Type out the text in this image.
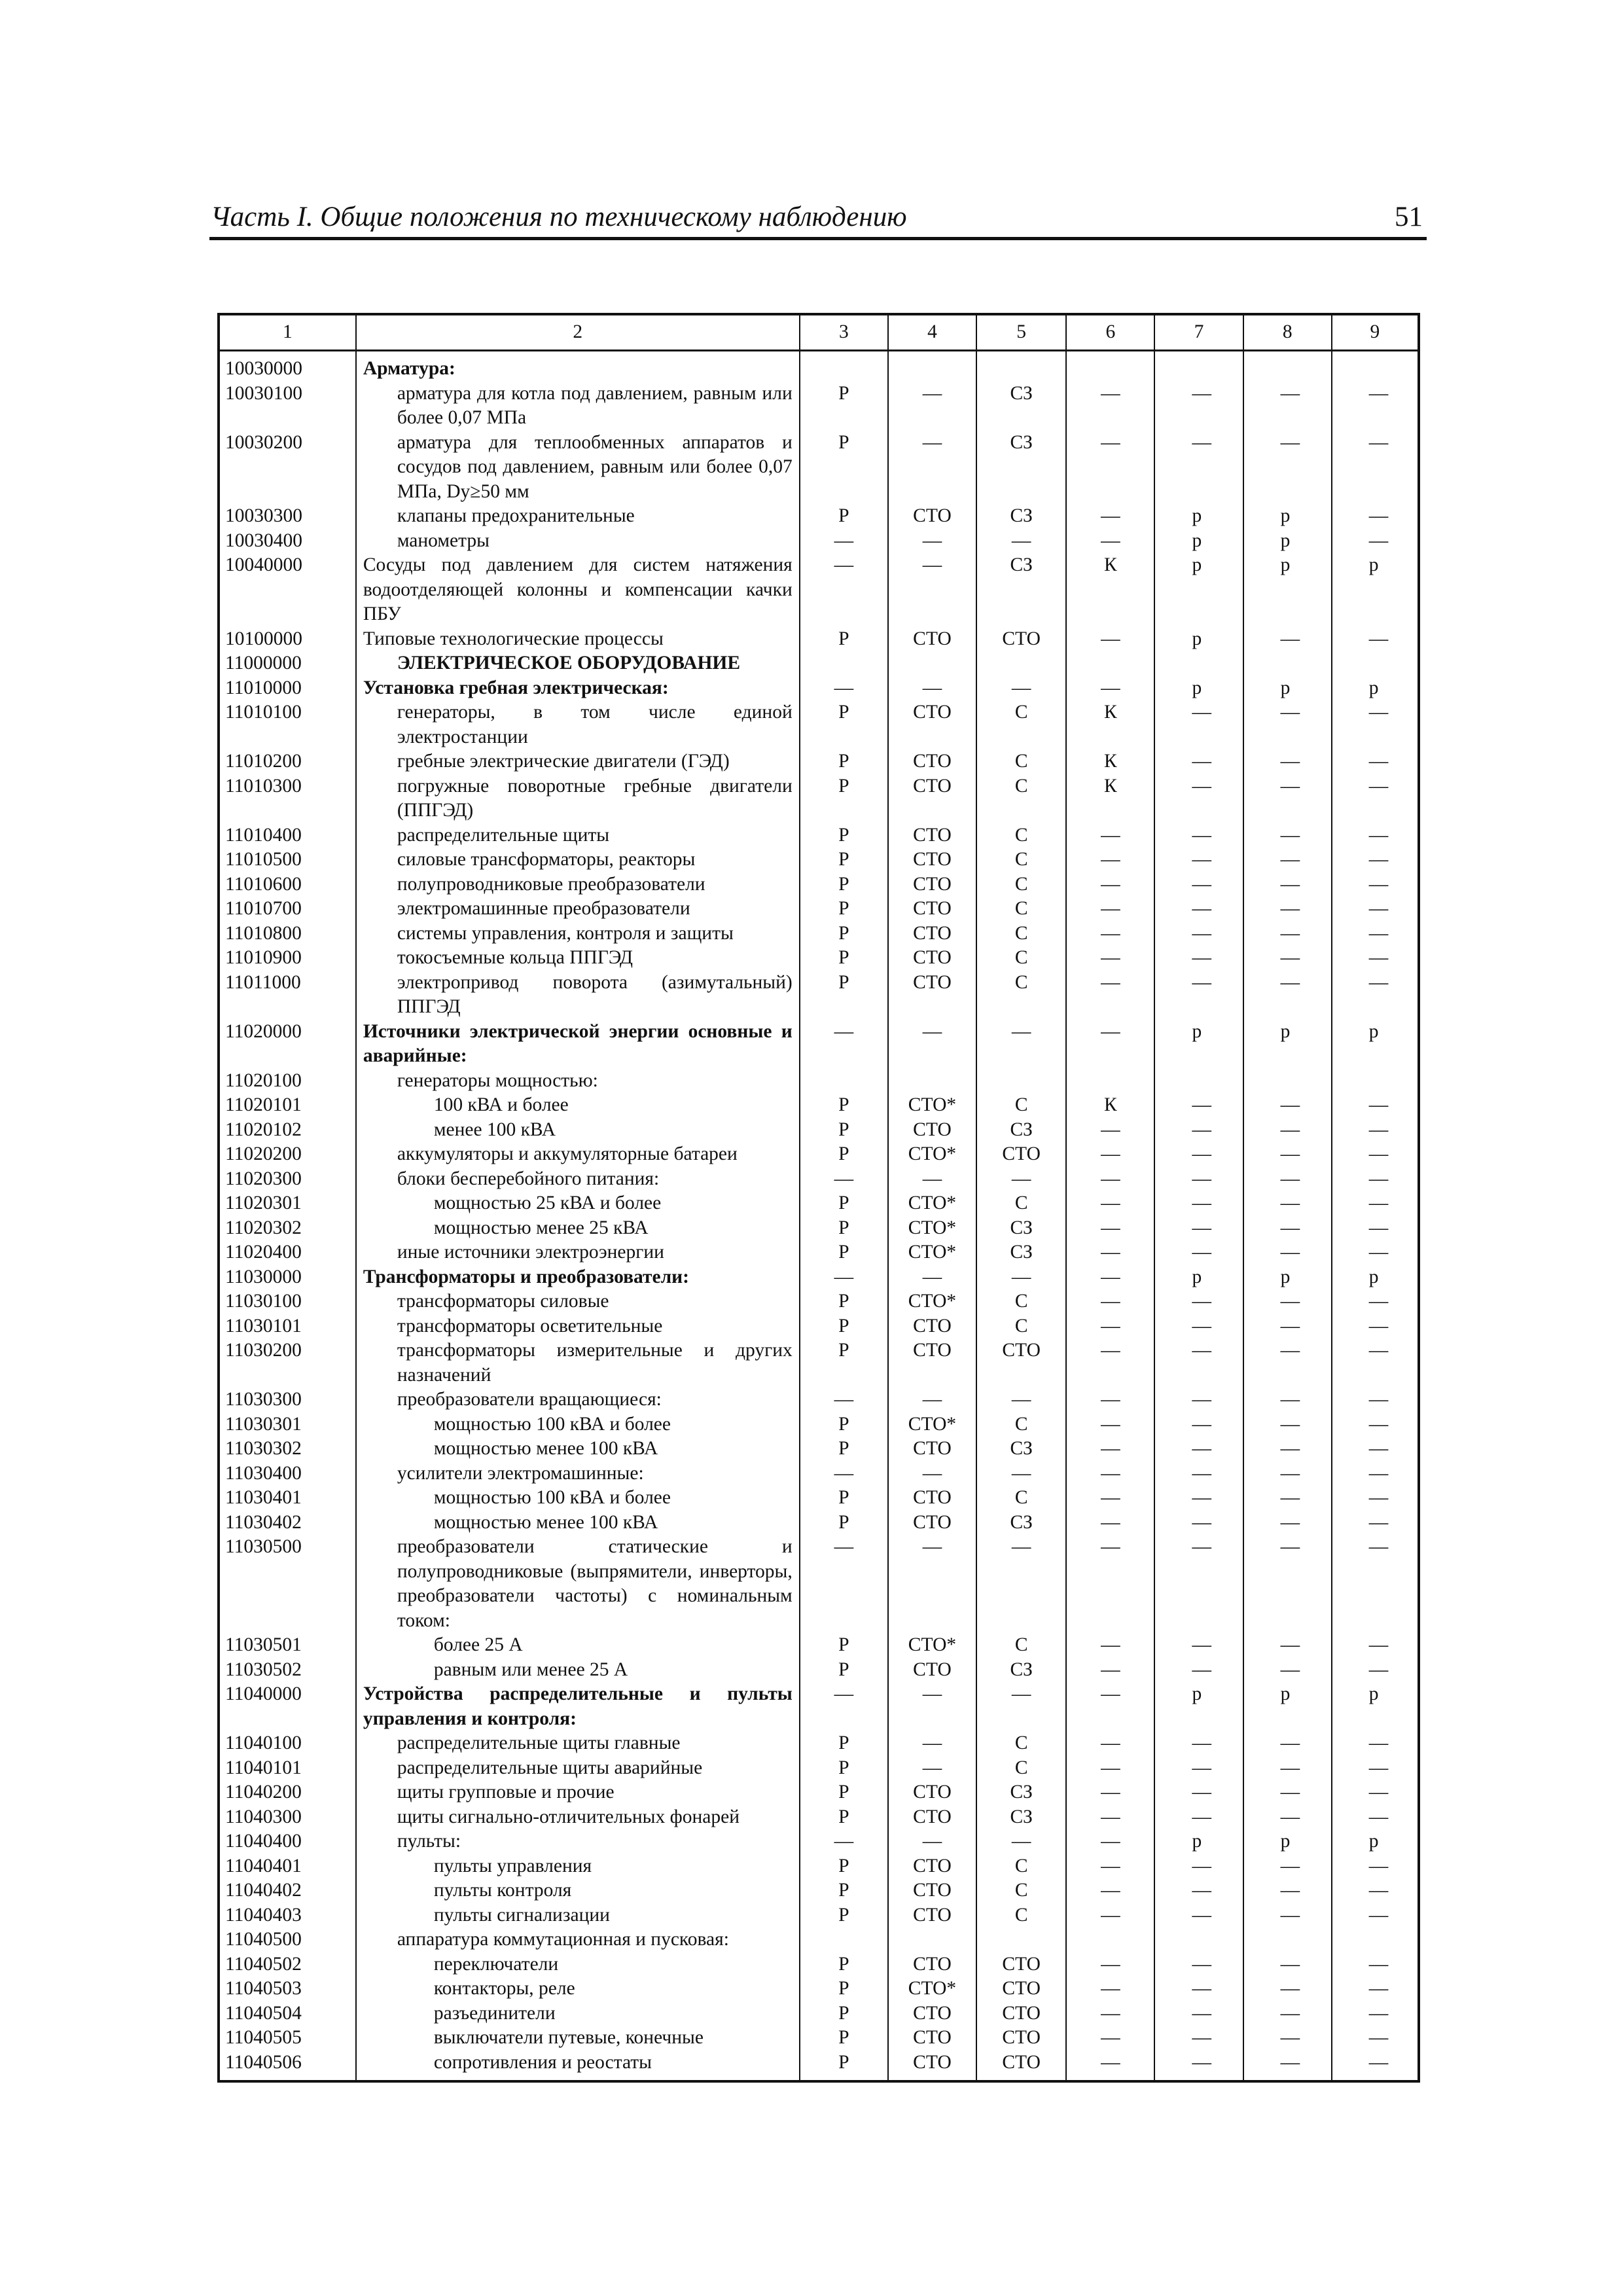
Часть I. Общие положения по техническому наблюдению	51
1	2	3	4	5	6	7	8	9
10030000	Арматура:							
10030100	арматура для котла под давлением, равным или более 0,07 МПа	Р	—	СЗ	—	—	—	—
10030200	арматура для теплообменных аппаратов и сосудов под давлением, равным или более 0,07 МПа, Dу≥50 мм	Р	—	СЗ	—	—	—	—
10030300	клапаны предохранительные	Р	СТО	СЗ	—	р	р	—
10030400	манометры	—	—	—	—	р	р	—
10040000	Сосуды под давлением для систем натяжения водоотделяющей колонны и компенсации качки ПБУ	—	—	СЗ	К	р	р	р
10100000	Типовые технологические процессы	Р	СТО	СТО	—	р	—	—
11000000	ЭЛЕКТРИЧЕСКОЕ ОБОРУДОВАНИЕ							
11010000	Установка гребная электрическая:	—	—	—	—	р	р	р
11010100	генераторы, в том числе единой электростанции	Р	СТО	С	К	—	—	—
11010200	гребные электрические двигатели (ГЭД)	Р	СТО	С	К	—	—	—
11010300	погружные поворотные гребные двигатели (ППГЭД)	Р	СТО	С	К	—	—	—
11010400	распределительные щиты	Р	СТО	С	—	—	—	—
11010500	силовые трансформаторы, реакторы	Р	СТО	С	—	—	—	—
11010600	полупроводниковые преобразователи	Р	СТО	С	—	—	—	—
11010700	электромашинные преобразователи	Р	СТО	С	—	—	—	—
11010800	системы управления, контроля и защиты	Р	СТО	С	—	—	—	—
11010900	токосъемные кольца ППГЭД	Р	СТО	С	—	—	—	—
11011000	электропривод поворота (азимутальный) ППГЭД	Р	СТО	С	—	—	—	—
11020000	Источники электрической энергии основные и аварийные:	—	—	—	—	р	р	р
11020100	генераторы мощностью:							
11020101	100 кВА и более	Р	СТО*	С	К	—	—	—
11020102	менее 100 кВА	Р	СТО	СЗ	—	—	—	—
11020200	аккумуляторы и аккумуляторные батареи	Р	СТО*	СТО	—	—	—	—
11020300	блоки бесперебойного питания:	—	—	—	—	—	—	—
11020301	мощностью 25 кВА и более	Р	СТО*	С	—	—	—	—
11020302	мощностью менее 25 кВА	Р	СТО*	СЗ	—	—	—	—
11020400	иные источники электроэнергии	Р	СТО*	СЗ	—	—	—	—
11030000	Трансформаторы и преобразователи:	—	—	—	—	р	р	р
11030100	трансформаторы силовые	Р	СТО*	С	—	—	—	—
11030101	трансформаторы осветительные	Р	СТО	С	—	—	—	—
11030200	трансформаторы измерительные и других назначений	Р	СТО	СТО	—	—	—	—
11030300	преобразователи вращающиеся:	—	—	—	—	—	—	—
11030301	мощностью 100 кВА и более	Р	СТО*	С	—	—	—	—
11030302	мощностью менее 100 кВА	Р	СТО	СЗ	—	—	—	—
11030400	усилители электромашинные:	—	—	—	—	—	—	—
11030401	мощностью 100 кВА и более	Р	СТО	С	—	—	—	—
11030402	мощностью менее 100 кВА	Р	СТО	СЗ	—	—	—	—
11030500	преобразователи статические и полупроводниковые (выпрямители, инверторы, преобразователи частоты) с номинальным током:	—	—	—	—	—	—	—
11030501	более 25 А	Р	СТО*	С	—	—	—	—
11030502	равным или менее 25 А	Р	СТО	СЗ	—	—	—	—
11040000	Устройства распределительные и пульты управления и контроля:	—	—	—	—	р	р	р
11040100	распределительные щиты главные	Р	—	С	—	—	—	—
11040101	распределительные щиты аварийные	Р	—	С	—	—	—	—
11040200	щиты групповые и прочие	Р	СТО	СЗ	—	—	—	—
11040300	щиты сигнально-отличительных фонарей	Р	СТО	СЗ	—	—	—	—
11040400	пульты:	—	—	—	—	р	р	р
11040401	пульты управления	Р	СТО	С	—	—	—	—
11040402	пульты контроля	Р	СТО	С	—	—	—	—
11040403	пульты сигнализации	Р	СТО	С	—	—	—	—
11040500	аппаратура коммутационная и пусковая:							
11040502	переключатели	Р	СТО	СТО	—	—	—	—
11040503	контакторы, реле	Р	СТО*	СТО	—	—	—	—
11040504	разъединители	Р	СТО	СТО	—	—	—	—
11040505	выключатели путевые, конечные	Р	СТО	СТО	—	—	—	—
11040506	сопротивления и реостаты	Р	СТО	СТО	—	—	—	—
